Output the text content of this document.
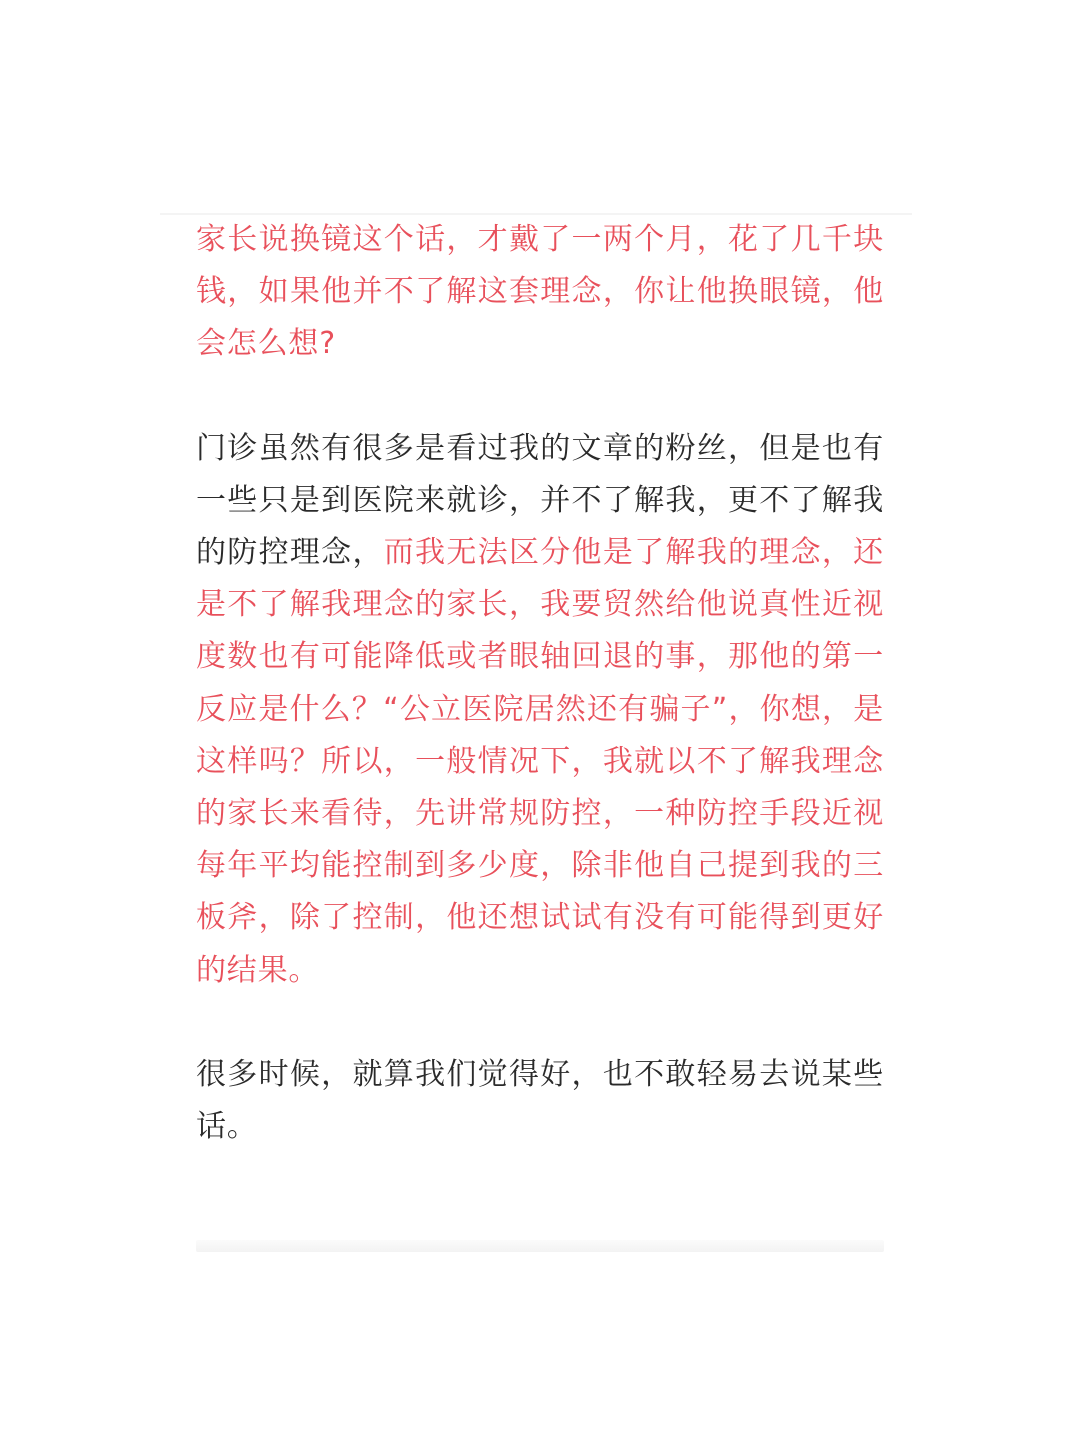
家长说换镜这个话，才戴了一两个月，花了几千块钱，如果他并不了解这套理念，你让他换眼镜，他会怎么想?

门诊虽然有很多是看过我的文章的粉丝，但是也有一些只是到医院来就诊，并不了解我，更不了解我的防控理念，而我无法区分他是了解我的理念，还是不了解我理念的家长，我要贸然给他说真性近视度数也有可能降低或者眼轴回退的事，那他的第一反应是什么？“公立医院居然还有骗子”，你想，是这样吗？所以，一般情况下，我就以不了解我理念的家长来看待，先讲常规防控，一种防控手段近视每年平均能控制到多少度，除非他自己提到我的三板斧，除了控制，他还想试试有没有可能得到更好的结果。

很多时候，就算我们觉得好，也不敢轻易去说某些话。
